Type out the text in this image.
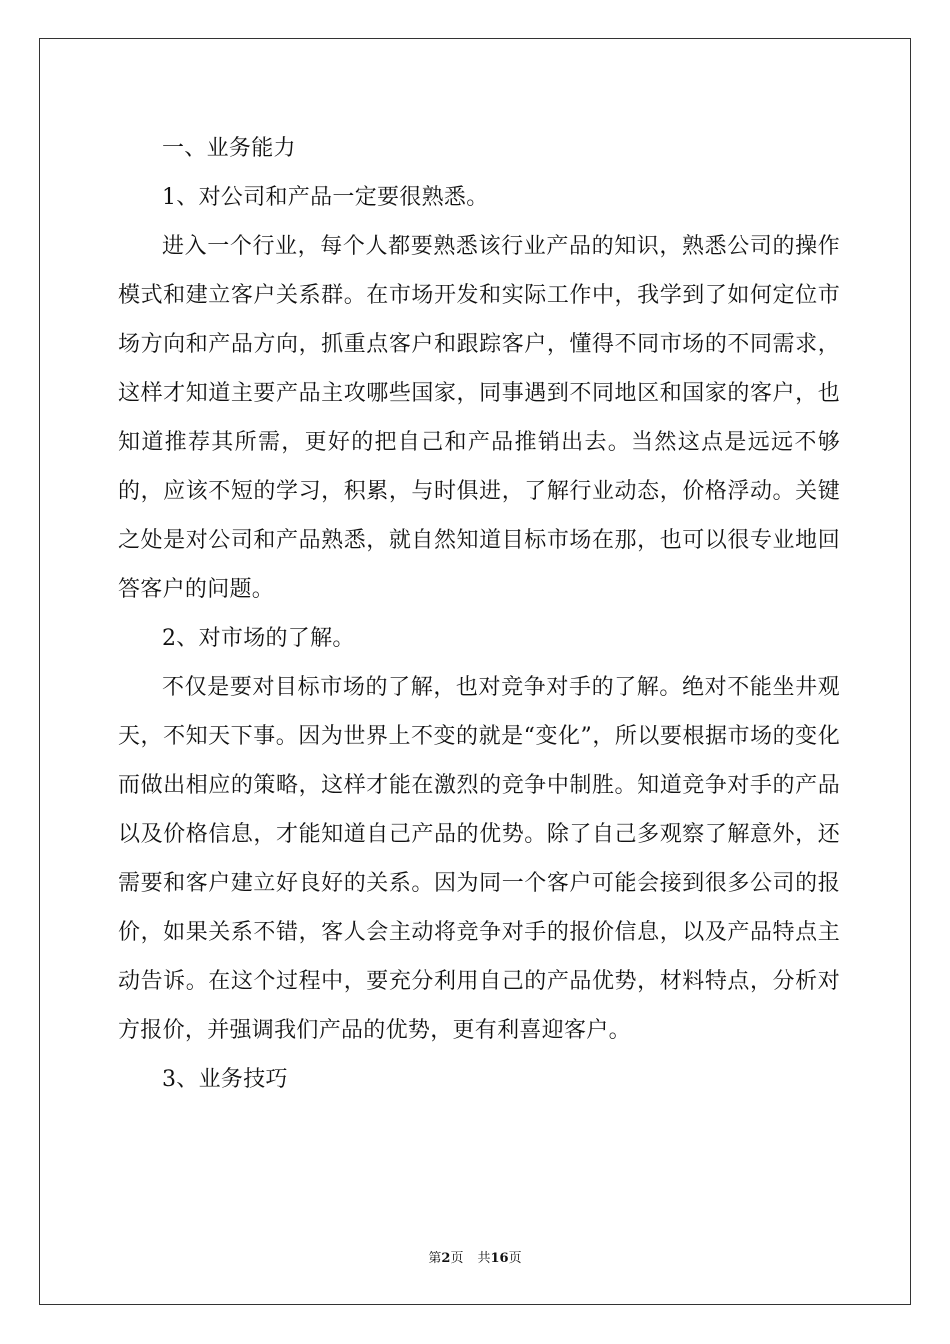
一、业务能力

1、对公司和产品一定要很熟悉。

进入一个行业，每个人都要熟悉该行业产品的知识，熟悉公司的操作模式和建立客户关系群。在市场开发和实际工作中，我学到了如何定位市场方向和产品方向，抓重点客户和跟踪客户，懂得不同市场的不同需求，这样才知道主要产品主攻哪些国家，同事遇到不同地区和国家的客户，也知道推荐其所需，更好的把自己和产品推销出去。当然这点是远远不够的，应该不短的学习，积累，与时俱进，了解行业动态，价格浮动。关键之处是对公司和产品熟悉，就自然知道目标市场在那，也可以很专业地回答客户的问题。

2、对市场的了解。

不仅是要对目标市场的了解，也对竞争对手的了解。绝对不能坐井观天，不知天下事。因为世界上不变的就是“变化”，所以要根据市场的变化而做出相应的策略，这样才能在激烈的竞争中制胜。知道竞争对手的产品以及价格信息，才能知道自己产品的优势。除了自己多观察了解意外，还需要和客户建立好良好的关系。因为同一个客户可能会接到很多公司的报价，如果关系不错，客人会主动将竞争对手的报价信息，以及产品特点主动告诉。在这个过程中，要充分利用自己的产品优势，材料特点，分析对方报价，并强调我们产品的优势，更有利喜迎客户。

3、业务技巧

第2页 共16页
